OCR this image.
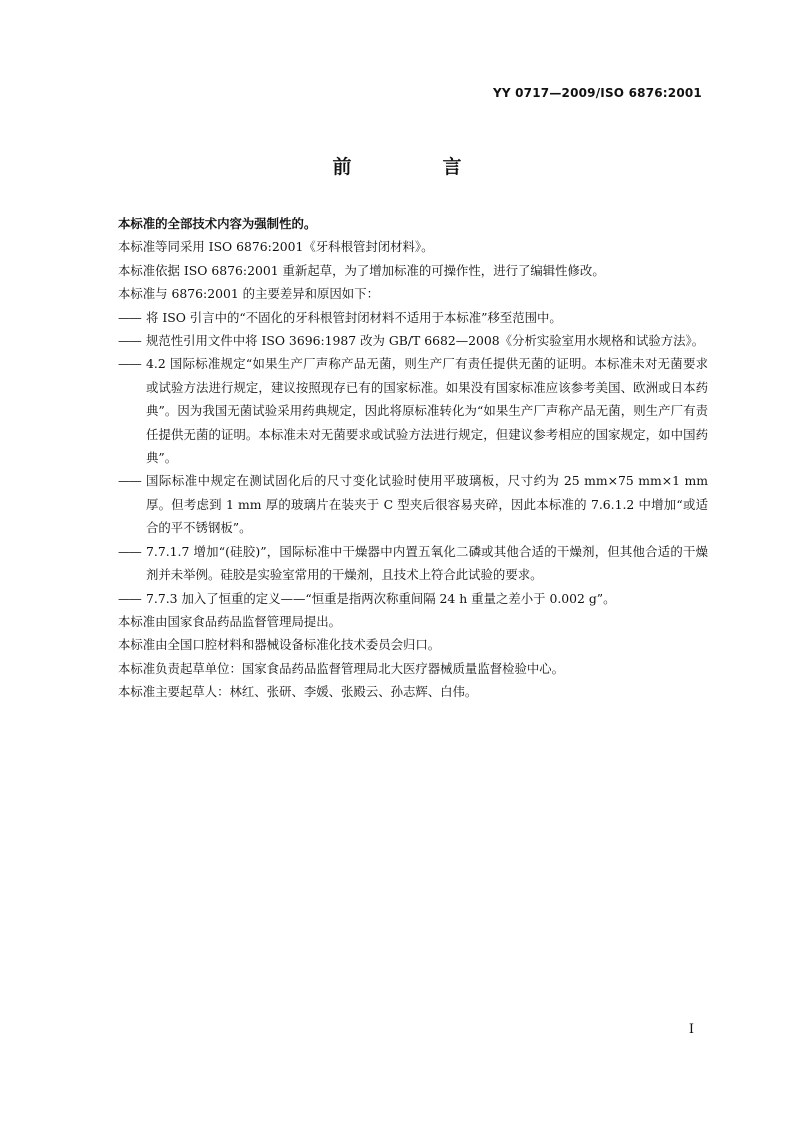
YY 0717—2009/ISO 6876:2001
前　言

本标准的全部技术内容为强制性的。

本标准等同采用 ISO 6876:2001《牙科根管封闭材料》。

本标准依据 ISO 6876:2001 重新起草，为了增加标准的可操作性，进行了编辑性修改。

本标准与 6876:2001 的主要差异和原因如下：

—— 将 ISO 引言中的“不固化的牙科根管封闭材料不适用于本标准”移至范围中。
—— 规范性引用文件中将 ISO 3696:1987 改为 GB/T 6682—2008《分析实验室用水规格和试验方法》。
—— 4.2 国际标准规定“如果生产厂声称产品无菌，则生产厂有责任提供无菌的证明。本标准未对无菌要求或试验方法进行规定，建议按照现存已有的国家标准。如果没有国家标准应该参考美国、欧洲或日本药典”。因为我国无菌试验采用药典规定，因此将原标准转化为“如果生产厂声称产品无菌，则生产厂有责任提供无菌的证明。本标准未对无菌要求或试验方法进行规定，但建议参考相应的国家规定，如中国药典”。
—— 国际标准中规定在测试固化后的尺寸变化试验时使用平玻璃板，尺寸约为 25 mm×75 mm×1 mm厚。但考虑到 1 mm 厚的玻璃片在装夹于 C 型夹后很容易夹碎，因此本标准的 7.6.1.2 中增加“或适合的平不锈钢板”。
—— 7.7.1.7 增加“(硅胶)”，国际标准中干燥器中内置五氧化二磷或其他合适的干燥剂，但其他合适的干燥剂并未举例。硅胶是实验室常用的干燥剂，且技术上符合此试验的要求。
—— 7.7.3 加入了恒重的定义——“恒重是指两次称重间隔 24 h 重量之差小于 0.002 g”。

本标准由国家食品药品监督管理局提出。

本标准由全国口腔材料和器械设备标准化技术委员会归口。

本标准负责起草单位：国家食品药品监督管理局北大医疗器械质量监督检验中心。

本标准主要起草人：林红、张研、李媛、张殿云、孙志辉、白伟。

I
